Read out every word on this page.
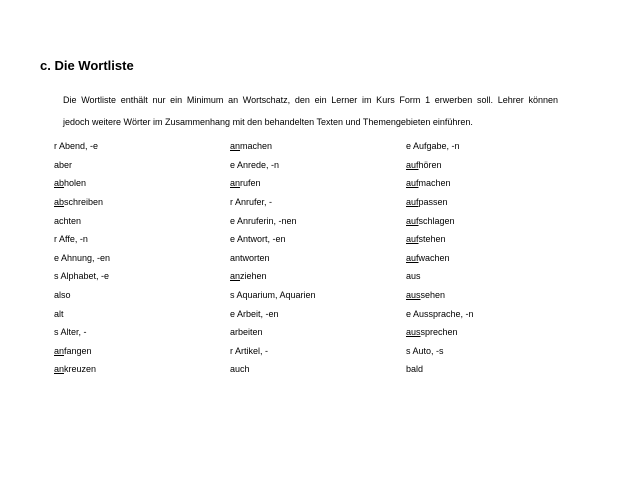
c. Die Wortliste
Die Wortliste enthält nur ein Minimum an Wortschatz, den ein Lerner im Kurs Form 1 erwerben soll. Lehrer können
jedoch weitere Wörter im Zusammenhang mit den behandelten Texten und Themengebieten einführen.
r Abend, -e	anmachen	e Aufgabe, -n
aber	e Anrede, -n	aufhören
abholen	anrufen	aufmachen
abschreiben	r Anrufer, -	aufpassen
achten	e Anruferin, -nen	aufschlagen
r Affe, -n	e Antwort, -en	aufstehen
e Ahnung, -en	antworten	aufwachen
s Alphabet, -e	anziehen	aus
also	s Aquarium, Aquarien	aussehen
alt	e Arbeit, -en	e Aussprache, -n
s Alter, -	arbeiten	aussprechen
anfangen	r Artikel, -	s Auto, -s
ankreuzen	auch	bald
